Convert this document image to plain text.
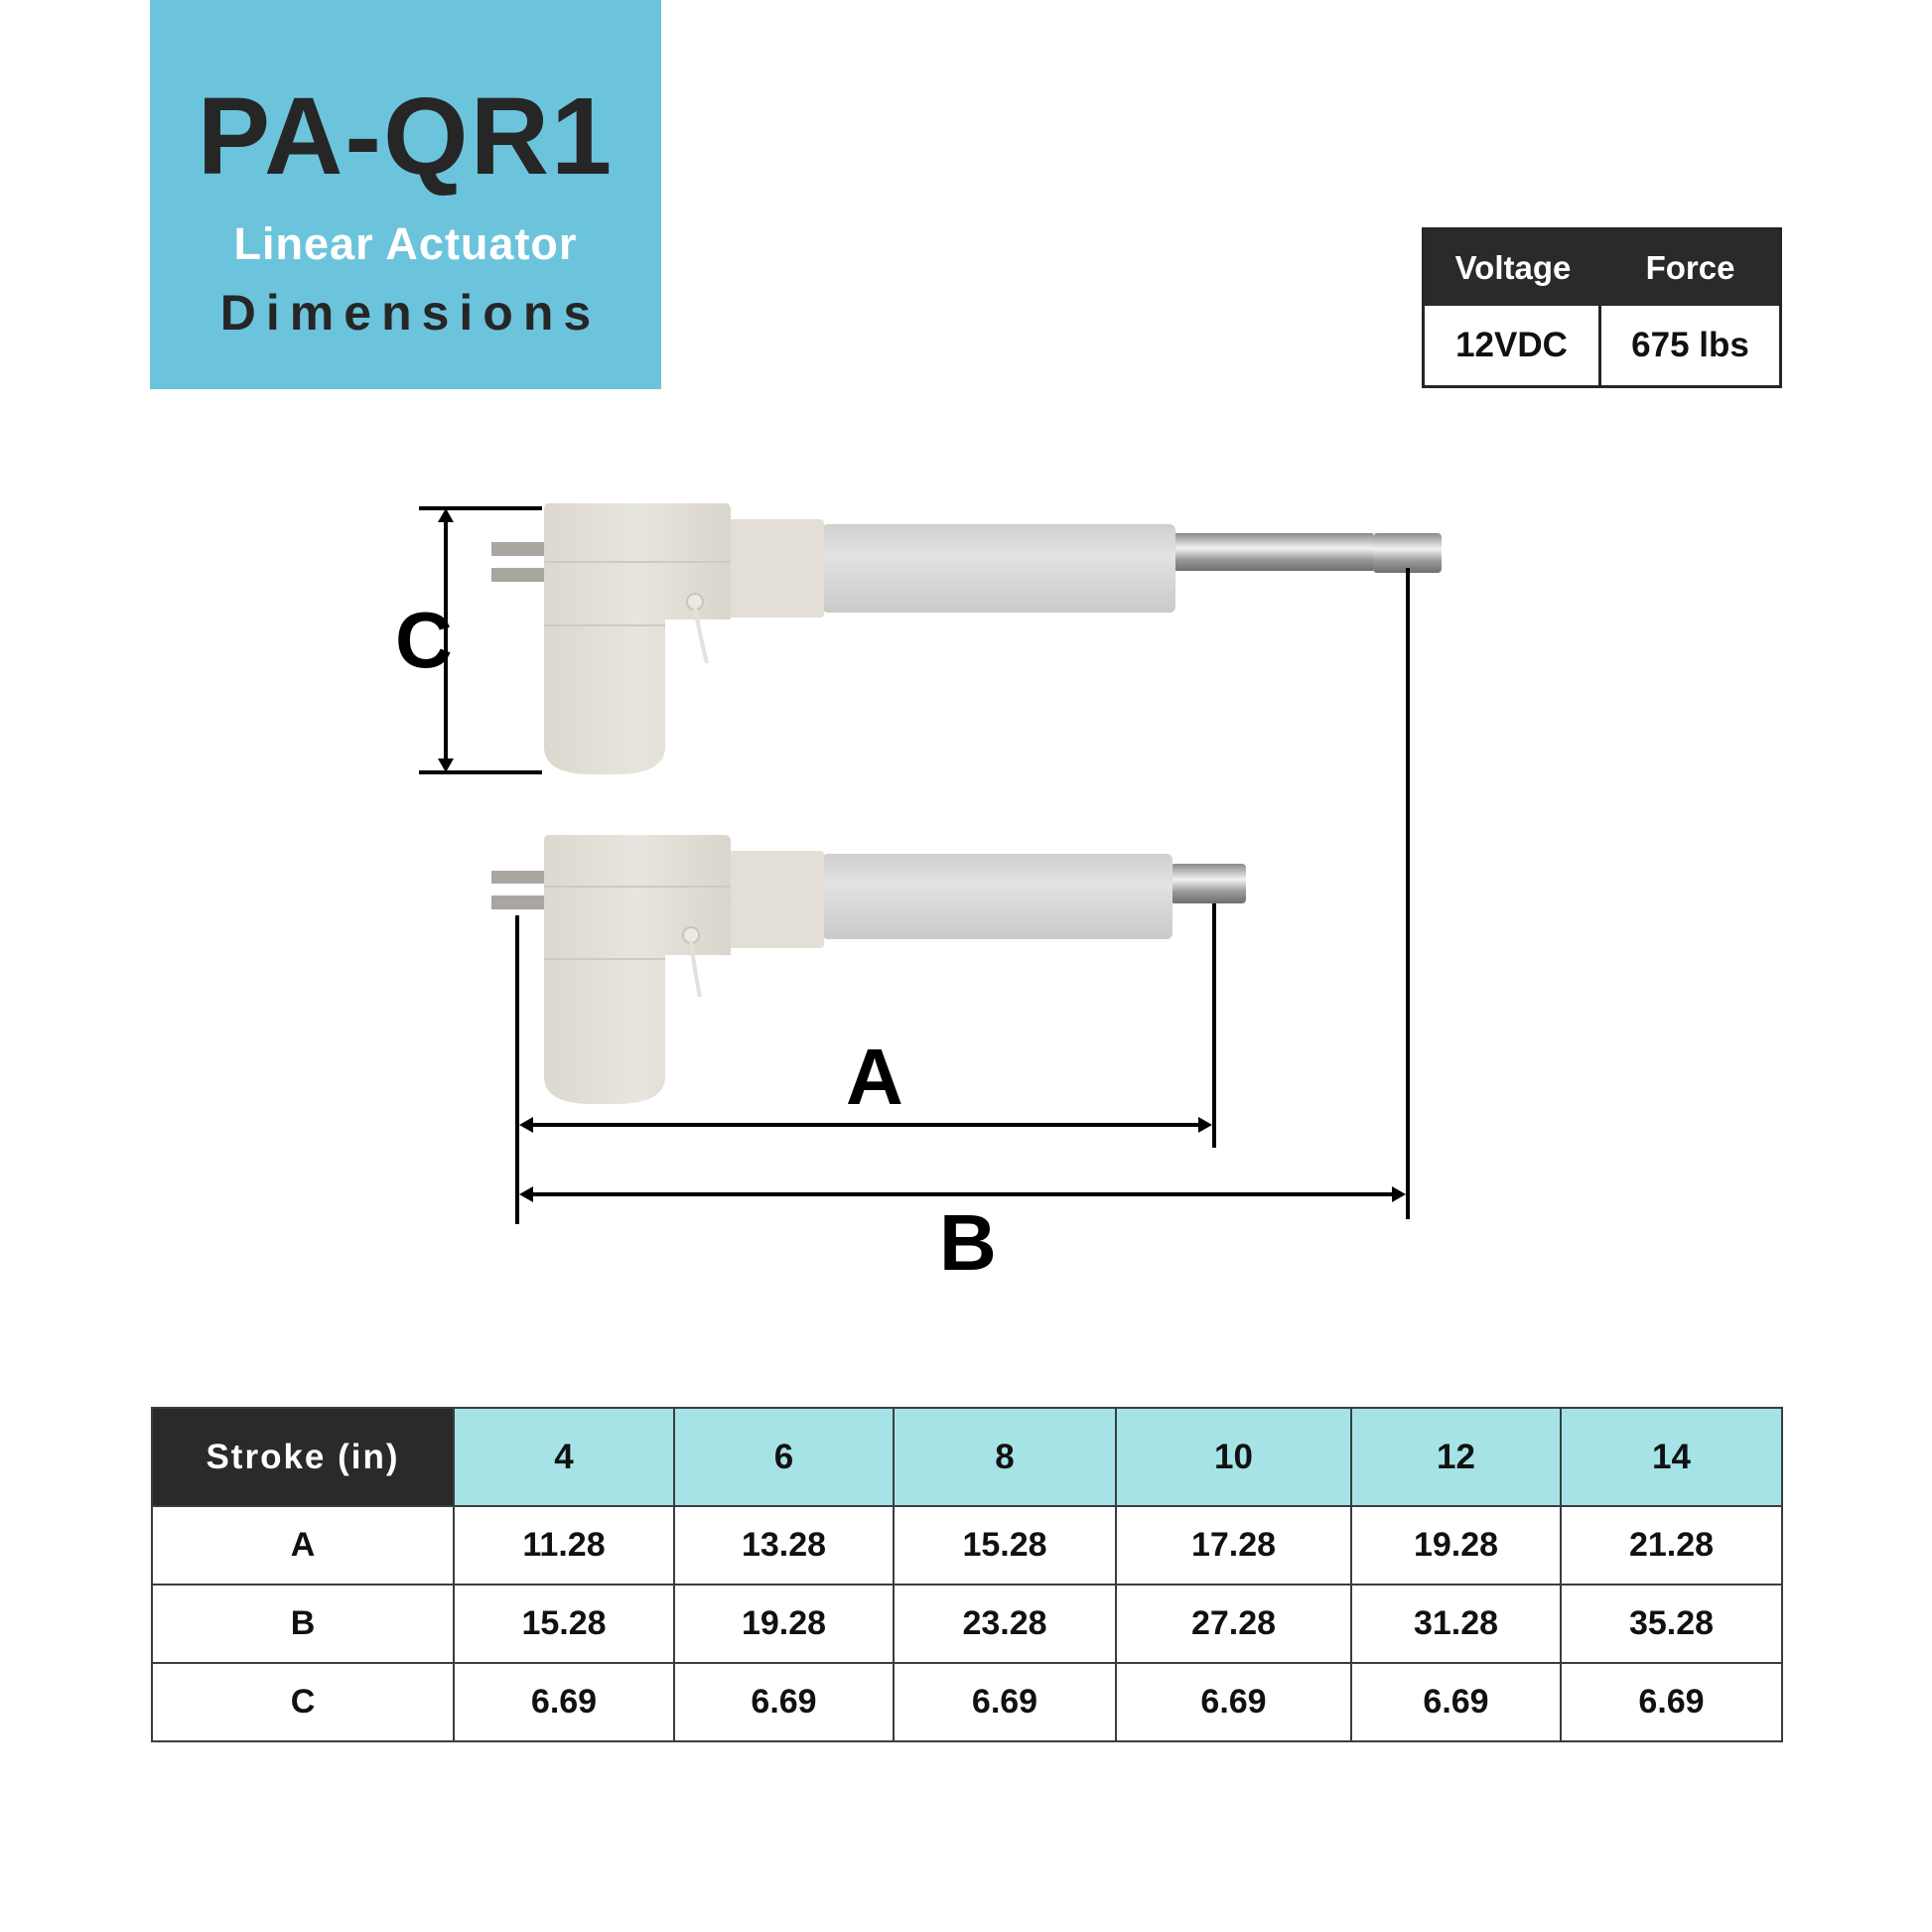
PA-QR1
Linear Actuator
Dimensions
Voltage	Force
12VDC	675 lbs
C
A
B
Stroke (in)	4	6	8	10	12	14
A	11.28	13.28	15.28	17.28	19.28	21.28
B	15.28	19.28	23.28	27.28	31.28	35.28
C	6.69	6.69	6.69	6.69	6.69	6.69
